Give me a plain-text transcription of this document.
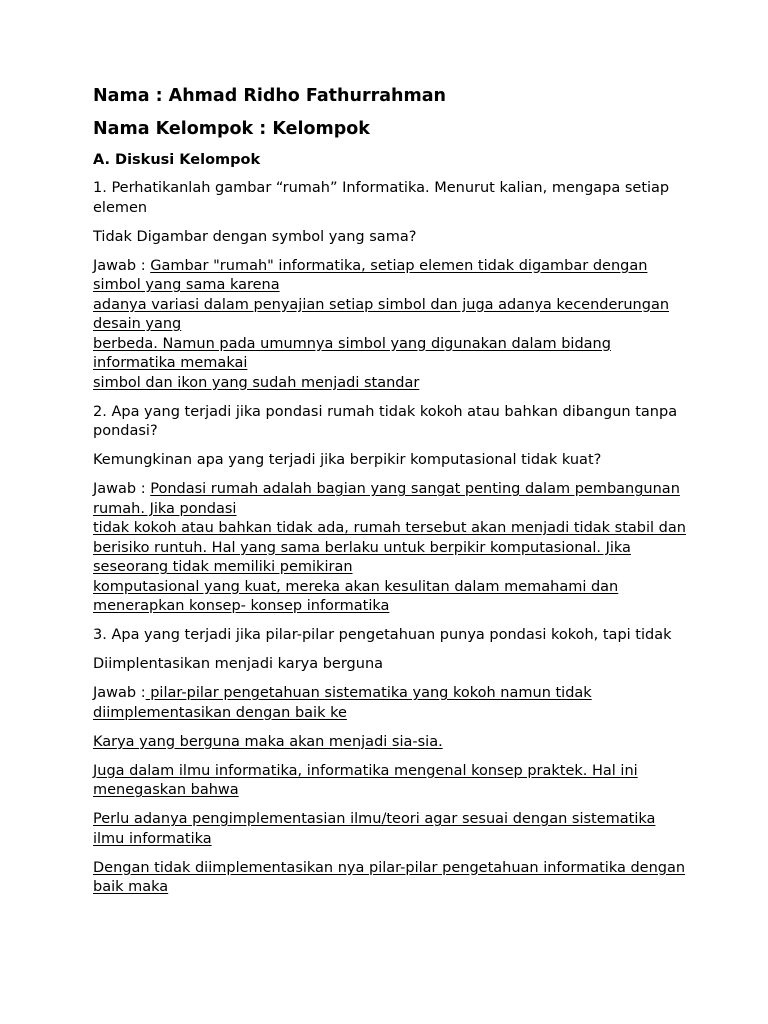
Nama : Ahmad Ridho Fathurrahman
Nama Kelompok : Kelompok
A. Diskusi Kelompok
1. Perhatikanlah gambar “rumah” Informatika. Menurut kalian, mengapa setiap elemen
Tidak Digambar dengan symbol yang sama?
Jawab : Gambar "rumah" informatika, setiap elemen tidak digambar dengan simbol yang sama karena
adanya variasi dalam penyajian setiap simbol dan juga adanya kecenderungan desain yang
berbeda. Namun pada umumnya simbol yang digunakan dalam bidang informatika memakai
simbol dan ikon yang sudah menjadi standar
2. Apa yang terjadi jika pondasi rumah tidak kokoh atau bahkan dibangun tanpa pondasi?
Kemungkinan apa yang terjadi jika berpikir komputasional tidak kuat?
Jawab : Pondasi rumah adalah bagian yang sangat penting dalam pembangunan rumah. Jika pondasi
tidak kokoh atau bahkan tidak ada, rumah tersebut akan menjadi tidak stabil dan berisiko runtuh. Hal yang sama berlaku untuk berpikir komputasional. Jika seseorang tidak memiliki pemikiran
komputasional yang kuat, mereka akan kesulitan dalam memahami dan menerapkan konsep- konsep informatika
3. Apa yang terjadi jika pilar-pilar pengetahuan punya pondasi kokoh, tapi tidak
Diimplentasikan menjadi karya berguna
Jawab : pilar-pilar pengetahuan sistematika yang kokoh namun tidak diimplementasikan dengan baik ke
Karya yang berguna maka akan menjadi sia-sia.
Juga dalam ilmu informatika, informatika mengenal konsep praktek. Hal ini menegaskan bahwa
Perlu adanya pengimplementasian ilmu/teori agar sesuai dengan sistematika ilmu informatika
Dengan tidak diimplementasikan nya pilar-pilar pengetahuan informatika dengan baik maka
